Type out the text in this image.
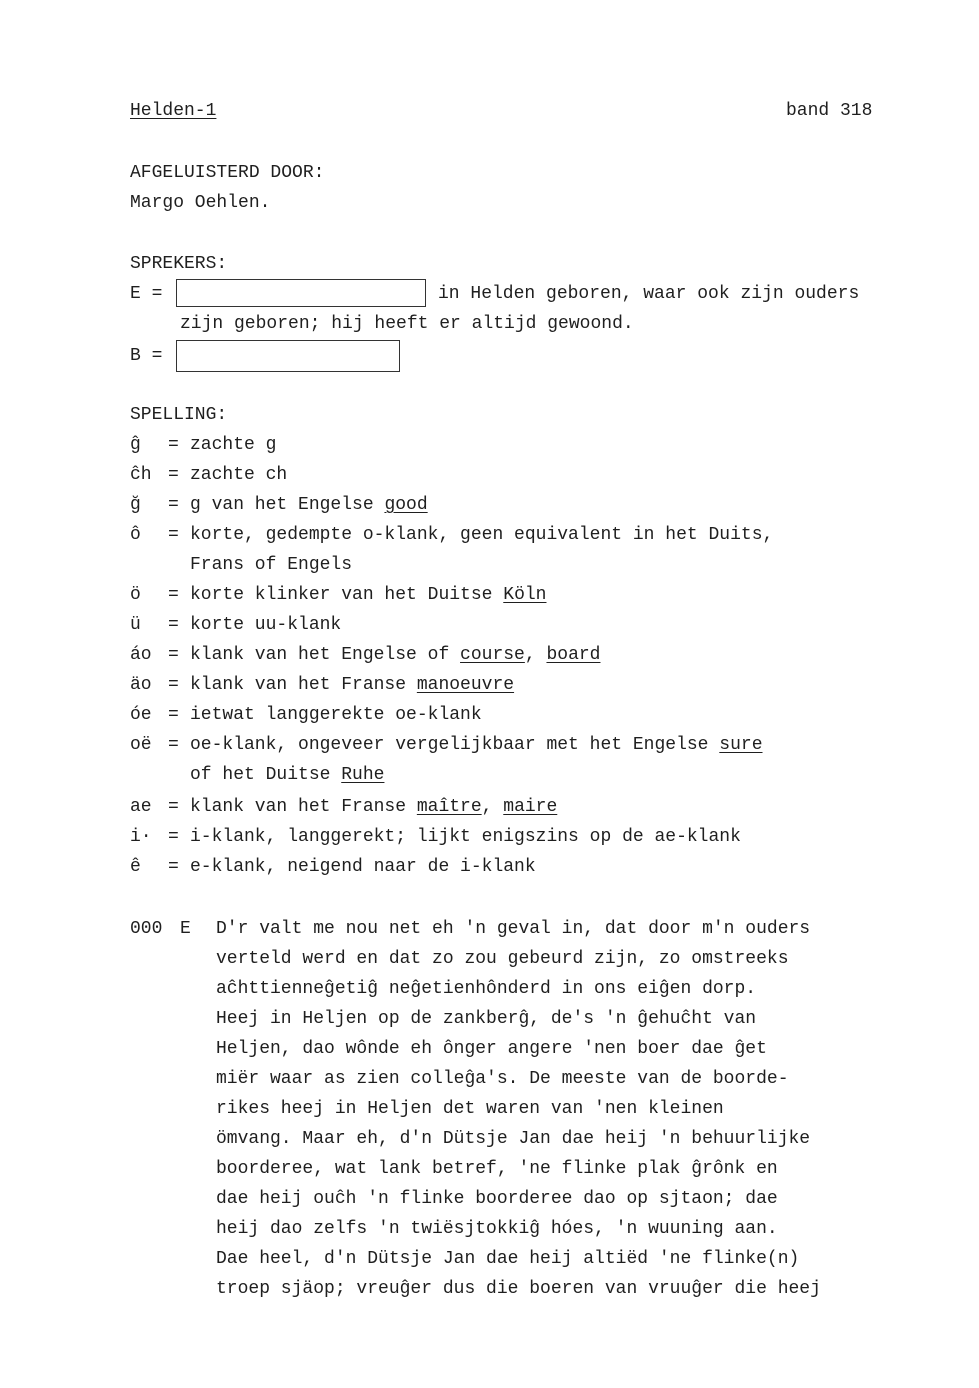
Helden-1	band 318
AFGELUISTERD DOOR:
Margo Oehlen.
SPREKERS:
E =	in Helden geboren, waar ook zijn ouders
zijn geboren; hij heeft er altijd gewoond.
B =
SPELLING:
ĝ	= zachte g
ĉh = zachte ch
ğ	= g van het Engelse good
ô	= korte, gedempte o-klank, geen equivalent in het Duits,
Frans of Engels
ö	= korte klinker van het Duitse Köln
ü	= korte uu-klank
áo = klank van het Engelse of course, board
äo = klank van het Franse manoeuvre
óe = ietwat langgerekte oe-klank
oë = oe-klank, ongeveer vergelijkbaar met het Engelse sure
of het Duitse Ruhe
ae = klank van het Franse maître, maire
i· = i-klank, langgerekt; lijkt enigszins op de ae-klank
ê	= e-klank, neigend naar de i-klank
000 E D'r valt me nou net eh 'n geval in, dat door m'n ouders
verteld werd en dat zo zou gebeurd zijn, zo omstreeks
aĉhttienneĝetiĝ neĝetienhônderd in ons eiĝen dorp.
Heej in Heljen op de zankberĝ, de's 'n ĝehuĉht van
Heljen, dao wônde eh ônger angere 'nen boer dae ĝet
miër waar as zien colleĝa's. De meeste van de boorde-
rikes heej in Heljen det waren van 'nen kleinen
ömvang. Maar eh, d'n Dütsje Jan dae heij 'n behuurlijke
boorderee, wat lank betref, 'ne flinke plak ĝrônk en
dae heij ouĉh 'n flinke boorderee dao op sjtaon; dae
heij dao zelfs 'n twiësjtokkiĝ hóes, 'n wuuning aan.
Dae heel, d'n Dütsje Jan dae heij altiëd 'ne flinke(n)
troep sjäop; vreuĝer dus die boeren van vruuĝer die heej
